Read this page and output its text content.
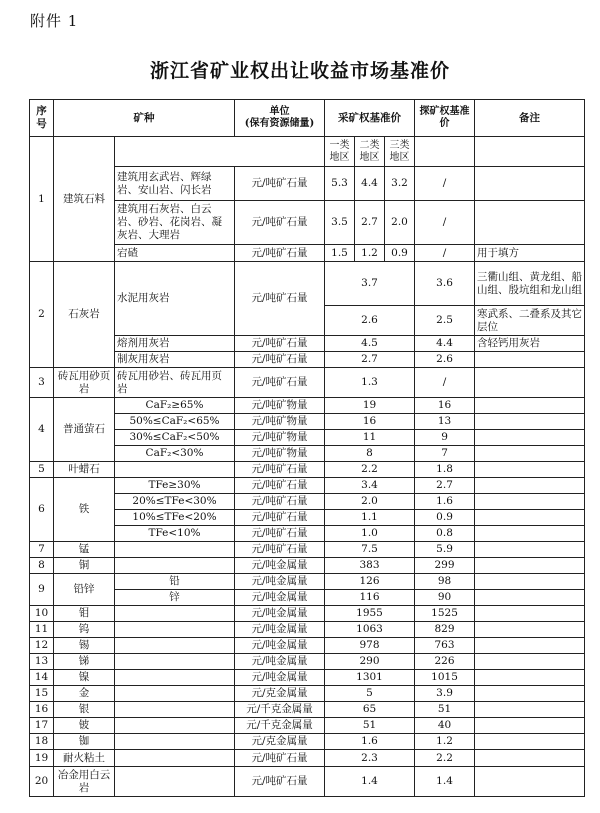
附件 1
浙江省矿业权出让收益市场基准价
序号	矿种		单位
(保有资源储量)	采矿权基准价			探矿权基准价	备注
1	建筑石料			一类地区	二类地区	三类地区		
		建筑用玄武岩、辉绿岩、安山岩、闪长岩	元/吨矿石量	5.3	4.4	3.2	/	
		建筑用石灰岩、白云岩、砂岩、花岗岩、凝灰岩、大理岩	元/吨矿石量	3.5	2.7	2.0	/	
		宕碴	元/吨矿石量	1.5	1.2	0.9	/	用于填方
2	石灰岩	水泥用灰岩	元/吨矿石量	3.7			3.6	三衢山组、黄龙组、船山组、殷坑组和龙山组
				2.6			2.5	寒武系、二叠系及其它层位
		熔剂用灰岩	元/吨矿石量	4.5			4.4	含轻钙用灰岩
		制灰用灰岩	元/吨矿石量	2.7			2.6	
3	砖瓦用砂页岩	砖瓦用砂岩、砖瓦用页岩	元/吨矿石量	1.3			/	
4	普通萤石	CaF₂≥65%	元/吨矿物量	19			16	
		50%≤CaF₂<65%	元/吨矿物量	16			13	
		30%≤CaF₂<50%	元/吨矿物量	11			9	
		CaF₂<30%	元/吨矿物量	8			7	
5	叶蜡石		元/吨矿石量	2.2			1.8	
6	铁	TFe≥30%	元/吨矿石量	3.4			2.7	
		20%≤TFe<30%	元/吨矿石量	2.0			1.6	
		10%≤TFe<20%	元/吨矿石量	1.1			0.9	
		TFe<10%	元/吨矿石量	1.0			0.8	
7	锰		元/吨矿石量	7.5			5.9	
8	铜		元/吨金属量	383			299	
9	铅锌	铅	元/吨金属量	126			98	
		锌	元/吨金属量	116			90	
10	钼		元/吨金属量	1955			1525	
11	钨		元/吨金属量	1063			829	
12	锡		元/吨金属量	978			763	
13	锑		元/吨金属量	290			226	
14	镍		元/吨金属量	1301			1015	
15	金		元/克金属量	5			3.9	
16	银		元/千克金属量	65			51	
17	铍		元/千克金属量	51			40	
18	铷		元/克金属量	1.6			1.2	
19	耐火粘土		元/吨矿石量	2.3			2.2	
20	冶金用白云岩		元/吨矿石量	1.4			1.4	
